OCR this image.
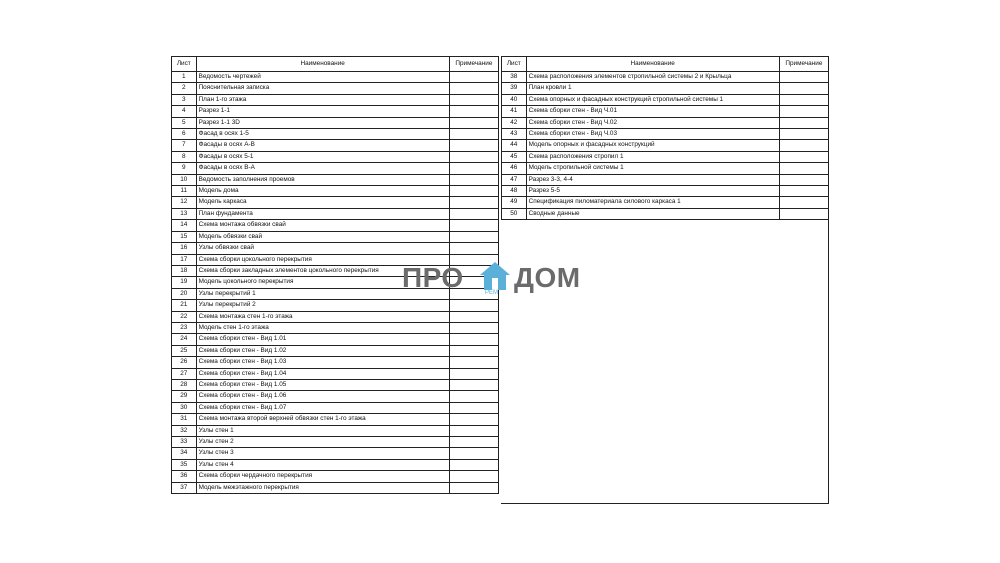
Лист	Наименование	Примечание
1	Ведомость чертежей	
2	Пояснительная записка	
3	План 1-го этажа	
4	Разрез 1-1	
5	Разрез 1-1 3D	
6	Фасад в осях 1-5	
7	Фасады в осях А-В	
8	Фасады в осях 5-1	
9	Фасады в осях В-А	
10	Ведомость заполнения проемов	
11	Модель дома	
12	Модель каркаса	
13	План фундамента	
14	Схема монтажа обвязки свай	
15	Модель обвязки свай	
16	Узлы обвязки свай	
17	Схема сборки цокольного перекрытия	
18	Схема сборки закладных элементов цокольного перекрытия	
19	Модель цокольного перекрытия	
20	Узлы перекрытий 1	
21	Узлы перекрытий 2	
22	Схема монтажа стен 1-го этажа	
23	Модель стен 1-го этажа	
24	Схема сборки стен - Вид 1.01	
25	Схема сборки стен - Вид 1.02	
26	Схема сборки стен - Вид 1.03	
27	Схема сборки стен - Вид 1.04	
28	Схема сборки стен - Вид 1.05	
29	Схема сборки стен - Вид 1.06	
30	Схема сборки стен - Вид 1.07	
31	Схема монтажа второй верхней обвязки стен 1-го этажа	
32	Узлы стен 1	
33	Узлы стен 2	
34	Узлы стен 3	
35	Узлы стен 4	
36	Схема сборки чердачного перекрытия	
37	Модель межэтажного перекрытия	
Лист	Наименование	Примечание
38	Схема расположения элементов стропильной системы 2 и Крыльца	
39	План кровли 1	
40	Схема опорных и фасадных конструкций стропильной системы 1	
41	Схема сборки стен - Вид Ч.01	
42	Схема сборки стен - Вид Ч.02	
43	Схема сборки стен - Вид Ч.03	
44	Модель опорных и фасадных конструкций	
45	Схема расположения стропил 1	
46	Модель стропильной системы 1	
47	Разрез 3-3, 4-4	
48	Разрез 5-5	
49	Спецификация пиломатериала силового каркаса 1	
50	Сводные данные	
ПРО ДОМ
РЕМ
